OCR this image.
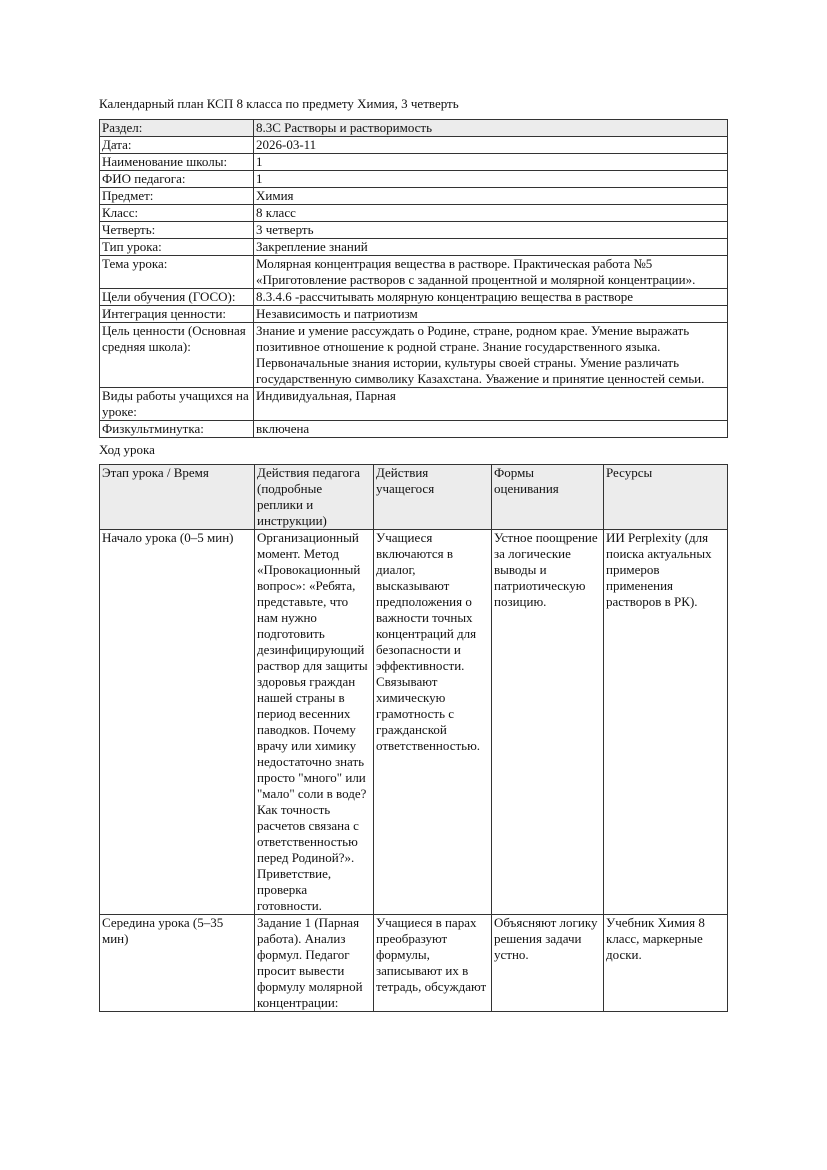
Календарный план КСП 8 класса по предмету Химия, 3 четверть

Раздел:	8.3C Растворы и растворимость
Дата:	2026-03-11
Наименование школы:	1
ФИО педагога:	1
Предмет:	Химия
Класс:	8 класс
Четверть:	3 четверть
Тип урока:	Закрепление знаний
Тема урока:	Молярная концентрация вещества в растворе. Практическая работа №5 «Приготовление растворов с заданной процентной и молярной концентрации».
Цели обучения (ГОСО):	8.3.4.6 -рассчитывать молярную концентрацию вещества в растворе
Интеграция ценности:	Независимость и патриотизм
Цель ценности (Основная средняя школа):	Знание и умение рассуждать о Родине, стране, родном крае. Умение выражать позитивное отношение к родной стране. Знание государственного языка. Первоначальные знания истории, культуры своей страны. Умение различать государственную символику Казахстана. Уважение и принятие ценностей семьи.
Виды работы учащихся на уроке:	Индивидуальная, Парная
Физкультминутка:	включена

Ход урока

Этап урока / Время	Действия педагога (подробные реплики и инструкции)	Действия учащегося	Формы оценивания	Ресурсы
Начало урока (0–5 мин)	Организационный момент. Метод «Провокационный вопрос»: «Ребята, представьте, что нам нужно подготовить дезинфицирующий раствор для защиты здоровья граждан нашей страны в период весенних паводков. Почему врачу или химику недостаточно знать просто "много" или "мало" соли в воде? Как точность расчетов связана с ответственностью перед Родиной?». Приветствие, проверка готовности.	Учащиеся включаются в диалог, высказывают предположения о важности точных концентраций для безопасности и эффективности. Связывают химическую грамотность с гражданской ответственностью.	Устное поощрение за логические выводы и патриотическую позицию.	ИИ Perplexity (для поиска актуальных примеров применения растворов в РК).
Середина урока (5–35 мин)	Задание 1 (Парная работа). Анализ формул. Педагог просит вывести формулу молярной концентрации:	Учащиеся в парах преобразуют формулы, записывают их в тетрадь, обсуждают	Объясняют логику решения задачи устно.	Учебник Химия 8 класс, маркерные доски.
